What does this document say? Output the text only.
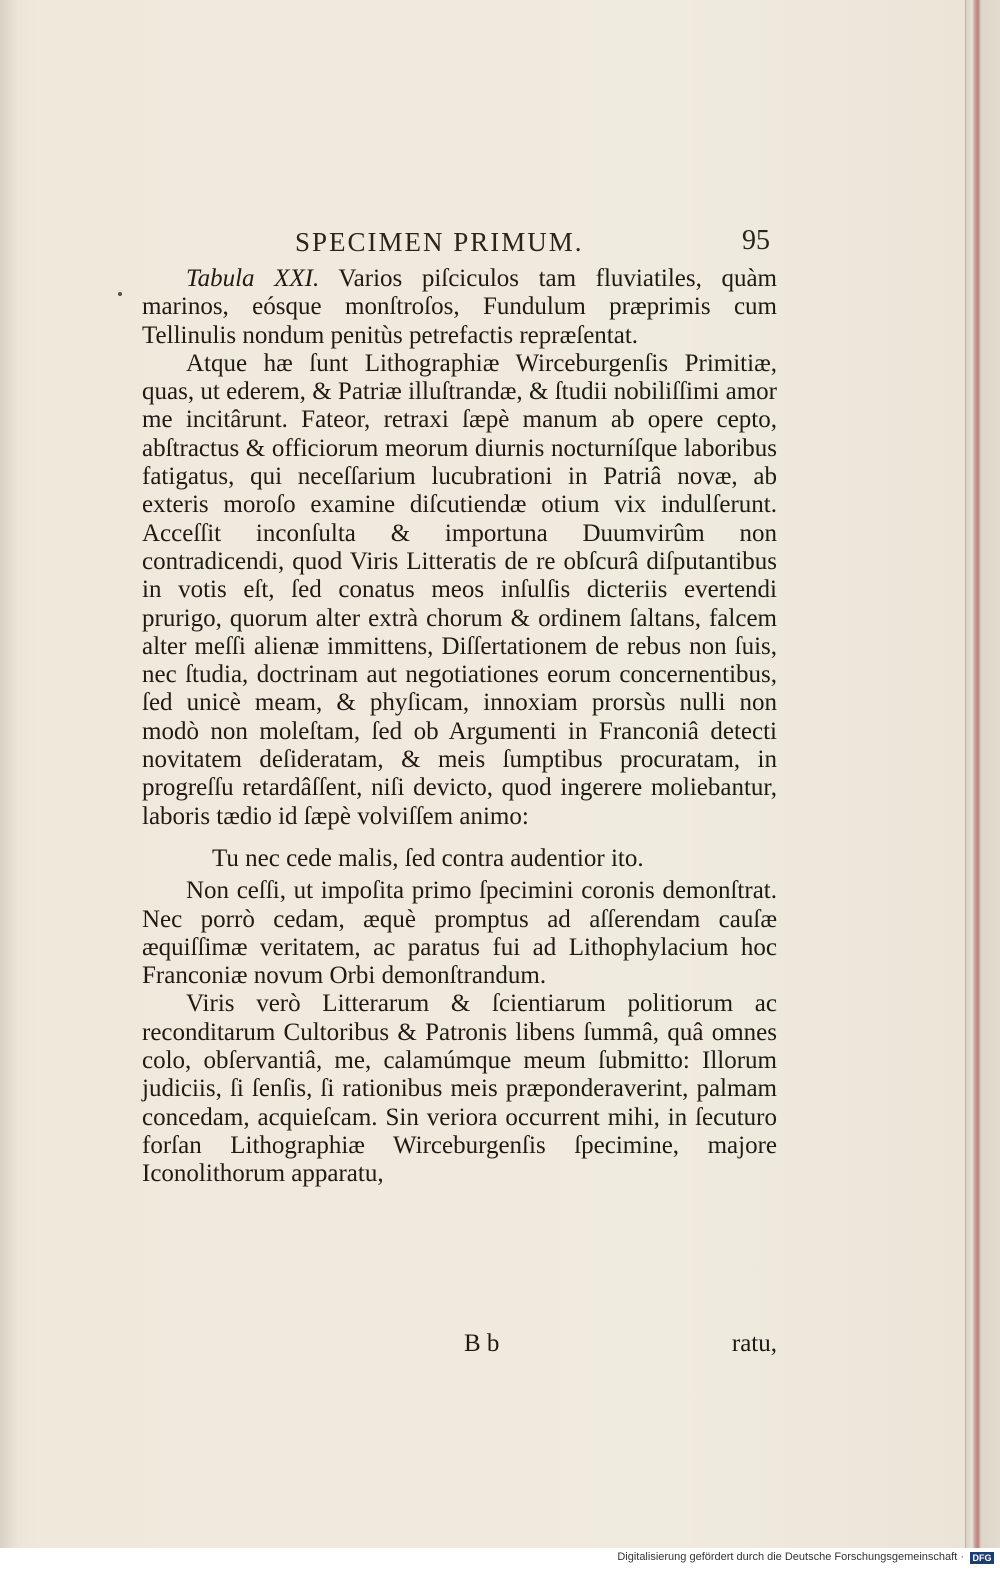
SPECIMEN PRIMUM.	95
Tabula XXI. Varios piſciculos tam fluviatiles, quàm marinos, eósque monſtroſos, Fundulum præprimis cum Tellinulis nondum penitùs petrefactis repræſentat.
Atque hæ ſunt Lithographiæ Wirceburgenſis Primitiæ, quas, ut ederem, & Patriæ illuſtrandæ, & ſtudii nobiliſſimi amor me incitârunt. Fateor, retraxi ſæpè manum ab opere cepto, abſtractus & officiorum meorum diurnis nocturníſque laboribus fatigatus, qui neceſſarium lucubrationi in Patriâ novæ, ab exteris moroſo examine diſcutiendæ otium vix indulſerunt. Acceſſit inconſulta & importuna Duumvirûm non contradicendi, quod Viris Litteratis de re obſcurâ diſputantibus in votis eſt, ſed conatus meos inſulſis dicteriis evertendi prurigo, quorum alter extrà chorum & ordinem ſaltans, falcem alter meſſi alienæ immittens, Diſſertationem de rebus non ſuis, nec ſtudia, doctrinam aut negotiationes eorum concernentibus, ſed unicè meam, & phyſicam, innoxiam prorsùs nulli non modò non moleſtam, ſed ob Argumenti in Franconiâ detecti novitatem deſideratam, & meis ſumptibus procuratam, in progreſſu retardâſſent, niſi devicto, quod ingerere moliebantur, laboris tædio id ſæpè volviſſem animo:
Tu nec cede malis, ſed contra audentior ito.
Non ceſſi, ut impoſita primo ſpecimini coronis demonſtrat. Nec porrò cedam, æquè promptus ad aſſerendam cauſæ æquiſſimæ veritatem, ac paratus fui ad Lithophylacium hoc Franconiæ novum Orbi demonſtrandum.
Viris verò Litterarum & ſcientiarum politiorum ac reconditarum Cultoribus & Patronis libens ſummâ, quâ omnes colo, obſervantiâ, me, calamúmque meum ſubmitto: Illorum judiciis, ſi ſenſis, ſi rationibus meis præponderaverint, palmam concedam, acquieſcam. Sin veriora occurrent mihi, in ſecuturo forſan Lithographiæ Wirceburgenſis ſpecimine, majore Iconolithorum apparatu,
B b	ratu,
Digitalisierung gefördert durch die Deutsche Forschungsgemeinschaft · DFG
